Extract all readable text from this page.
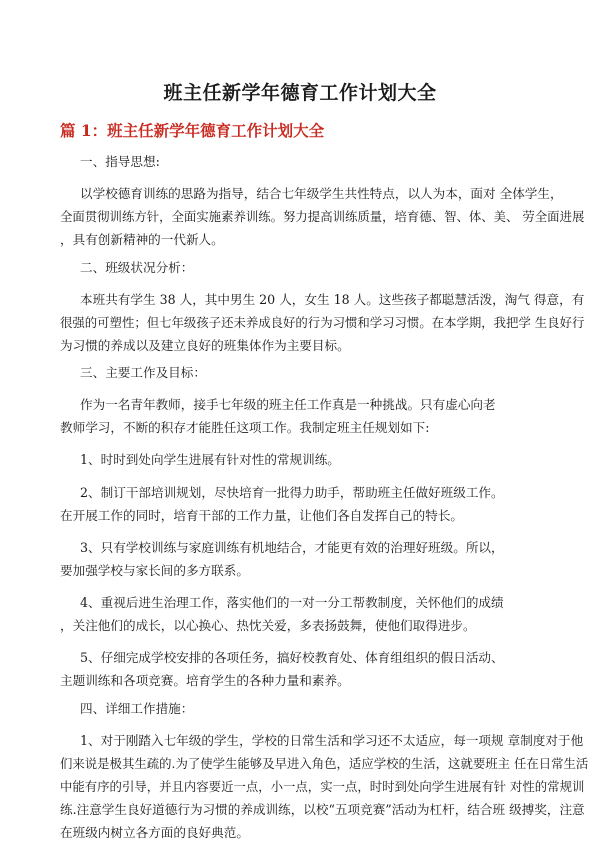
班主任新学年德育工作计划大全
篇 1：班主任新学年德育工作计划大全
一、指导思想:
以学校德育训练的思路为指导，结合七年级学生共性特点，以人为本，面对 全体学生，
全面贯彻训练方针，全面实施素养训练。努力提高训练质量，培育德、智、体、美、 劳全面进展
，具有创新精神的一代新人。
二、班级状况分析：
本班共有学生 38 人，其中男生 20 人，女生 18 人。这些孩子都聪慧活泼，淘气 得意，有
很强的可塑性；但七年级孩子还未养成良好的行为习惯和学习习惯。在本学期，我把学 生良好行
为习惯的养成以及建立良好的班集体作为主要目标。
三、主要工作及目标：
作为一名青年教师，接手七年级的班主任工作真是一种挑战。只有虚心向老
教师学习，不断的积存才能胜任这项工作。我制定班主任规划如下:
1、时时到处向学生进展有针对性的常规训练。
2、制订干部培训规划，尽快培育一批得力助手，帮助班主任做好班级工作。
在开展工作的同时，培育干部的工作力量，让他们各自发挥自己的特长。
3、只有学校训练与家庭训练有机地结合，才能更有效的治理好班级。所以，
要加强学校与家长间的多方联系。
4、重视后进生治理工作，落实他们的一对一分工帮教制度，关怀他们的成绩
，关注他们的成长，以心换心、热忱关爱，多表扬鼓舞，使他们取得进步。
5、仔细完成学校安排的各项任务，搞好校教育处、体育组组织的假日活动、
主题训练和各项竞赛。培育学生的各种力量和素养。
四、详细工作措施：
1、对于刚踏入七年级的学生，学校的日常生活和学习还不太适应，每一项规 章制度对于他
们来说是极其生疏的.为了使学生能够及早进入角色，适应学校的生活，这就要班主 任在日常生活
中能有序的引导，并且内容要近一点，小一点，实一点，时时到处向学生进展有针 对性的常规训
练.注意学生良好道德行为习惯的养成训练，以校“五项竞赛”活动为杠杆，结合班 级搏奖，注意
在班级内树立各方面的良好典范。
